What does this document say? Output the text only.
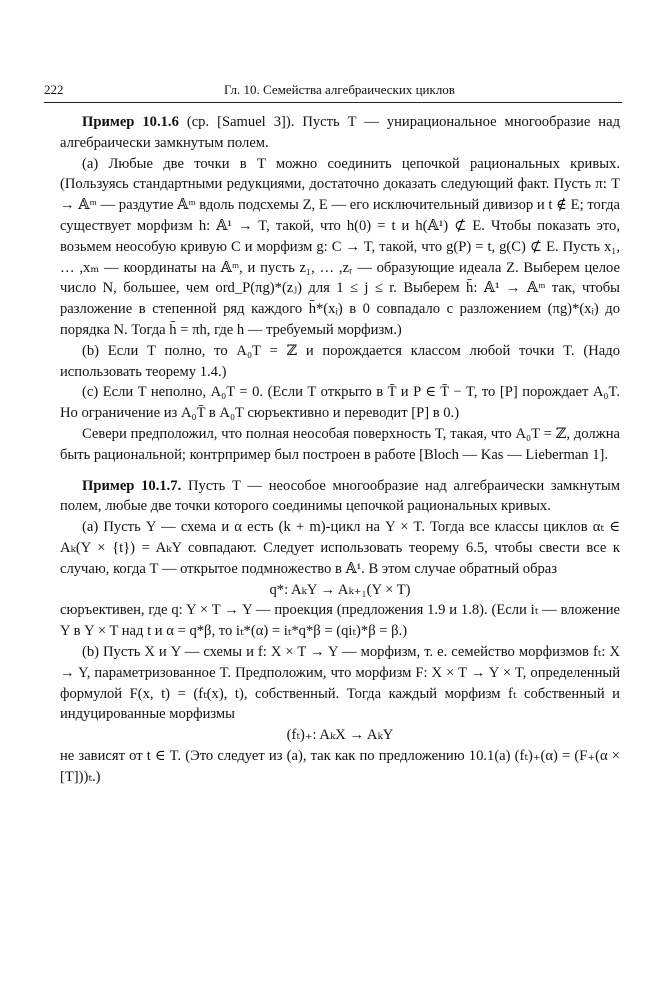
222	Гл. 10. Семейства алгебраических циклов

Пример 10.1.6 (ср. [Samuel 3]). Пусть T — унирациональное многообразие над алгебраически замкнутым полем.

(a) Любые две точки в T можно соединить цепочкой рациональных кривых. (Пользуясь стандартными редукциями, достаточно доказать следующий факт. Пусть π: T → 𝔸ᵐ — раздутие 𝔸ᵐ вдоль подсхемы Z, E — его исключительный дивизор и t ∉ E; тогда существует морфизм h: 𝔸¹ → T, такой, что h(0) = t и h(𝔸¹) ⊄ E. Чтобы показать это, возьмем неособую кривую C и морфизм g: C → T, такой, что g(P) = t, g(C) ⊄ E. Пусть x₁, … ,xₘ — координаты на 𝔸ᵐ, и пусть z₁, … ,zᵣ — образующие идеала Z. Выберем целое число N, большее, чем ord_P(πg)*(zⱼ) для 1 ≤ j ≤ r. Выберем h̄: 𝔸¹ → 𝔸ᵐ так, чтобы разложение в степенной ряд каждого h̄*(xᵢ) в 0 совпадало с разложением (πg)*(xᵢ) до порядка N. Тогда h̄ = πh, где h — требуемый морфизм.)

(b) Если T полно, то A₀T = ℤ и порождается классом любой точки T. (Надо использовать теорему 1.4.)

(c) Если T неполно, A₀T = 0. (Если T открыто в T̄ и P ∈ T̄ − T, то [P] порождает A₀T. Но ограничение из A₀T̄ в A₀T сюръективно и переводит [P] в 0.)

Севери предположил, что полная неособая поверхность T, такая, что A₀T = ℤ, должна быть рациональной; контрпример был построен в работе [Bloch — Kas — Lieberman 1].

Пример 10.1.7. Пусть T — неособое многообразие над алгебраически замкнутым полем, любые две точки которого соединимы цепочкой рациональных кривых.

(a) Пусть Y — схема и α есть (k + m)-цикл на Y × T. Тогда все классы циклов αₜ ∈ Aₖ(Y × {t}) = AₖY совпадают. Следует использовать теорему 6.5, чтобы свести все к случаю, когда T — открытое подмножество в 𝔸¹. В этом случае обратный образ

q*: AₖY → Aₖ₊₁(Y × T)

сюръективен, где q: Y × T → Y — проекция (предложения 1.9 и 1.8). (Если iₜ — вложение Y в Y × T над t и α = q*β, то iₜ*(α) = iₜ*q*β = (qiₜ)*β = β.)

(b) Пусть X и Y — схемы и f: X × T → Y — морфизм, т. е. семейство морфизмов fₜ: X → Y, параметризованное T. Предположим, что морфизм F: X × T → Y × T, определенный формулой F(x, t) = (fₜ(x), t), собственный. Тогда каждый морфизм fₜ собственный и индуцированные морфизмы

(fₜ)₊: AₖX → AₖY

не зависят от t ∈ T. (Это следует из (a), так как по предложению 10.1(a) (fₜ)₊(α) = (F₊(α × [T]))ₜ.)
